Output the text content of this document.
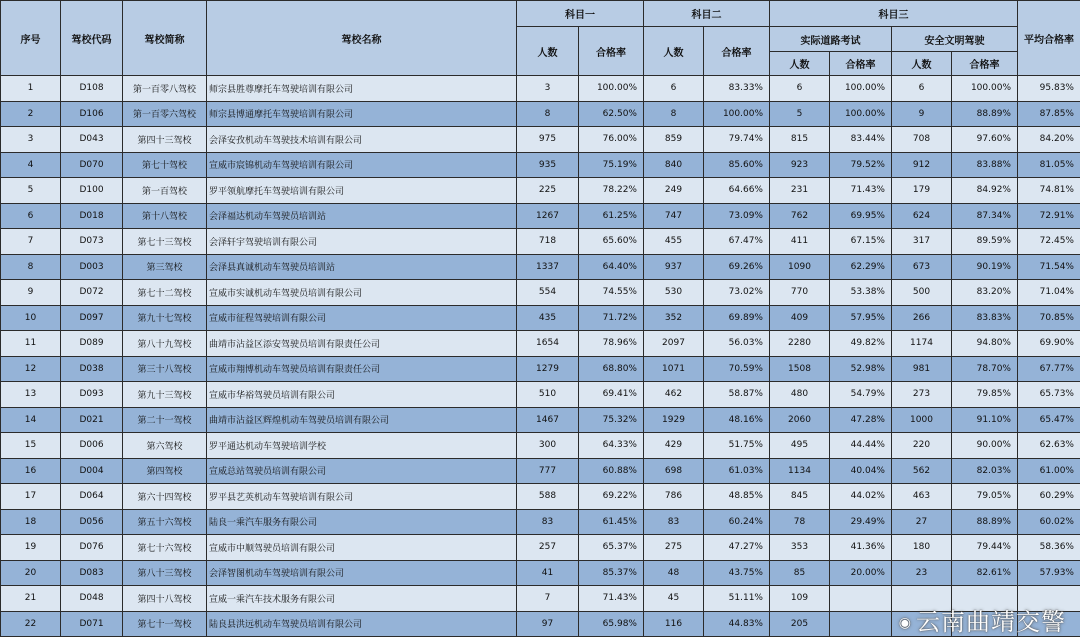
序号	驾校代码	驾校简称	驾校名称	科目一		科目二		科目三				平均合格率
				人数	合格率	人数	合格率	实际道路考试		安全文明驾驶		
								人数	合格率	人数	合格率	
1	D108	第一百零八驾校	师宗县胜尊摩托车驾驶培训有限公司	3	100.00%	6	83.33%	6	100.00%	6	100.00%	95.83%
2	D106	第一百零六驾校	师宗县博通摩托车驾驶培训有限公司	8	62.50%	8	100.00%	5	100.00%	9	88.89%	87.85%
3	D043	第四十三驾校	会泽安孜机动车驾驶技术培训有限公司	975	76.00%	859	79.74%	815	83.44%	708	97.60%	84.20%
4	D070	第七十驾校	宣威市宸锦机动车驾驶培训有限公司	935	75.19%	840	85.60%	923	79.52%	912	83.88%	81.05%
5	D100	第一百驾校	罗平领航摩托车驾驶培训有限公司	225	78.22%	249	64.66%	231	71.43%	179	84.92%	74.81%
6	D018	第十八驾校	会泽福达机动车驾驶员培训站	1267	61.25%	747	73.09%	762	69.95%	624	87.34%	72.91%
7	D073	第七十三驾校	会泽轩宇驾驶培训有限公司	718	65.60%	455	67.47%	411	67.15%	317	89.59%	72.45%
8	D003	第三驾校	会泽县真诚机动车驾驶员培训站	1337	64.40%	937	69.26%	1090	62.29%	673	90.19%	71.54%
9	D072	第七十二驾校	宣威市实诚机动车驾驶员培训有限公司	554	74.55%	530	73.02%	770	53.38%	500	83.20%	71.04%
10	D097	第九十七驾校	宣威市征程驾驶培训有限公司	435	71.72%	352	69.89%	409	57.95%	266	83.83%	70.85%
11	D089	第八十九驾校	曲靖市沾益区添安驾驶员培训有限责任公司	1654	78.96%	2097	56.03%	2280	49.82%	1174	94.80%	69.90%
12	D038	第三十八驾校	宣威市翔博机动车驾驶员培训有限责任公司	1279	68.80%	1071	70.59%	1508	52.98%	981	78.70%	67.77%
13	D093	第九十三驾校	宣威市华裕驾驶员培训有限公司	510	69.41%	462	58.87%	480	54.79%	273	79.85%	65.73%
14	D021	第二十一驾校	曲靖市沾益区辉煌机动车驾驶员培训有限公司	1467	75.32%	1929	48.16%	2060	47.28%	1000	91.10%	65.47%
15	D006	第六驾校	罗平通达机动车驾驶培训学校	300	64.33%	429	51.75%	495	44.44%	220	90.00%	62.63%
16	D004	第四驾校	宣威总站驾驶员培训有限公司	777	60.88%	698	61.03%	1134	40.04%	562	82.03%	61.00%
17	D064	第六十四驾校	罗平县艺英机动车驾驶培训有限公司	588	69.22%	786	48.85%	845	44.02%	463	79.05%	60.29%
18	D056	第五十六驾校	陆良一乘汽车服务有限公司	83	61.45%	83	60.24%	78	29.49%	27	88.89%	60.02%
19	D076	第七十六驾校	宣威市中顺驾驶员培训有限公司	257	65.37%	275	47.27%	353	41.36%	180	79.44%	58.36%
20	D083	第八十三驾校	会泽智图机动车驾驶培训有限公司	41	85.37%	48	43.75%	85	20.00%	23	82.61%	57.93%
21	D048	第四十八驾校	宣威一乘汽车技术服务有限公司	7	71.43%	45	51.11%	109				
22	D071	第七十一驾校	陆良县洪远机动车驾驶员培训有限公司	97	65.98%	116	44.83%	205					◉ 云南曲靖交警
